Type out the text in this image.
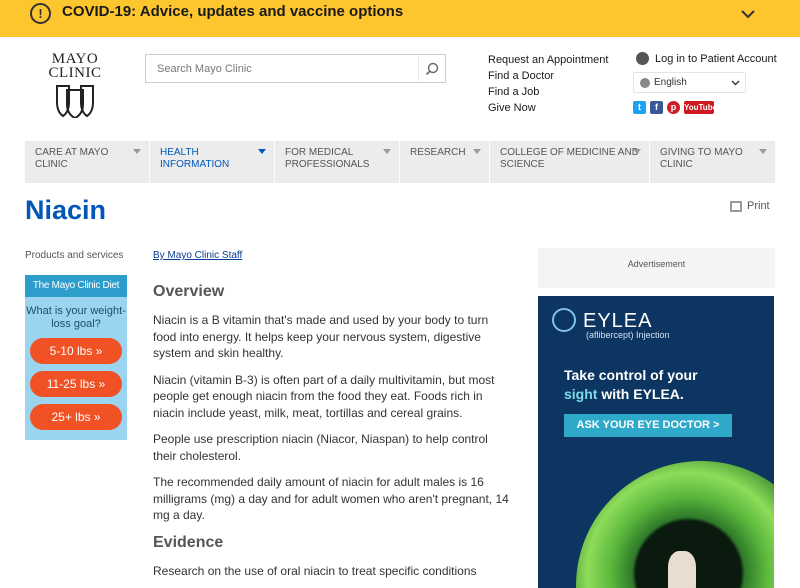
!	COVID-19: Advice, updates and vaccine options
MAYO
CLINIC
Search Mayo Clinic
Request an Appointment
Find a Doctor
Find a Job
Give Now
Log in to Patient Account
English
t	f	p YouTube
CARE AT MAYO CLINIC
HEALTH INFORMATION
FOR MEDICAL PROFESSIONALS
RESEARCH	COLLEGE OF MEDICINE AND SCIENCE
GIVING TO MAYO CLINIC
Niacin	Print
Products and services
The Mayo Clinic Diet
What is your weight-loss goal?
5-10 lbs »
11-25 lbs »
25+ lbs »
By Mayo Clinic Staff
Overview

Niacin is a B vitamin that's made and used by your body to turn food into energy. It helps keep your nervous system, digestive system and skin healthy.

Niacin (vitamin B-3) is often part of a daily multivitamin, but most people get enough niacin from the food they eat. Foods rich in niacin include yeast, milk, meat, tortillas and cereal grains.

People use prescription niacin (Niacor, Niaspan) to help control their cholesterol.

The recommended daily amount of niacin for adult males is 16 milligrams (mg) a day and for adult women who aren't pregnant, 14 mg a day.

Evidence

Research on the use of oral niacin to treat specific conditions

Advertisement
EYLEA
(aflibercept) Injection
Take control of your
sight with EYLEA.
ASK YOUR EYE DOCTOR >
